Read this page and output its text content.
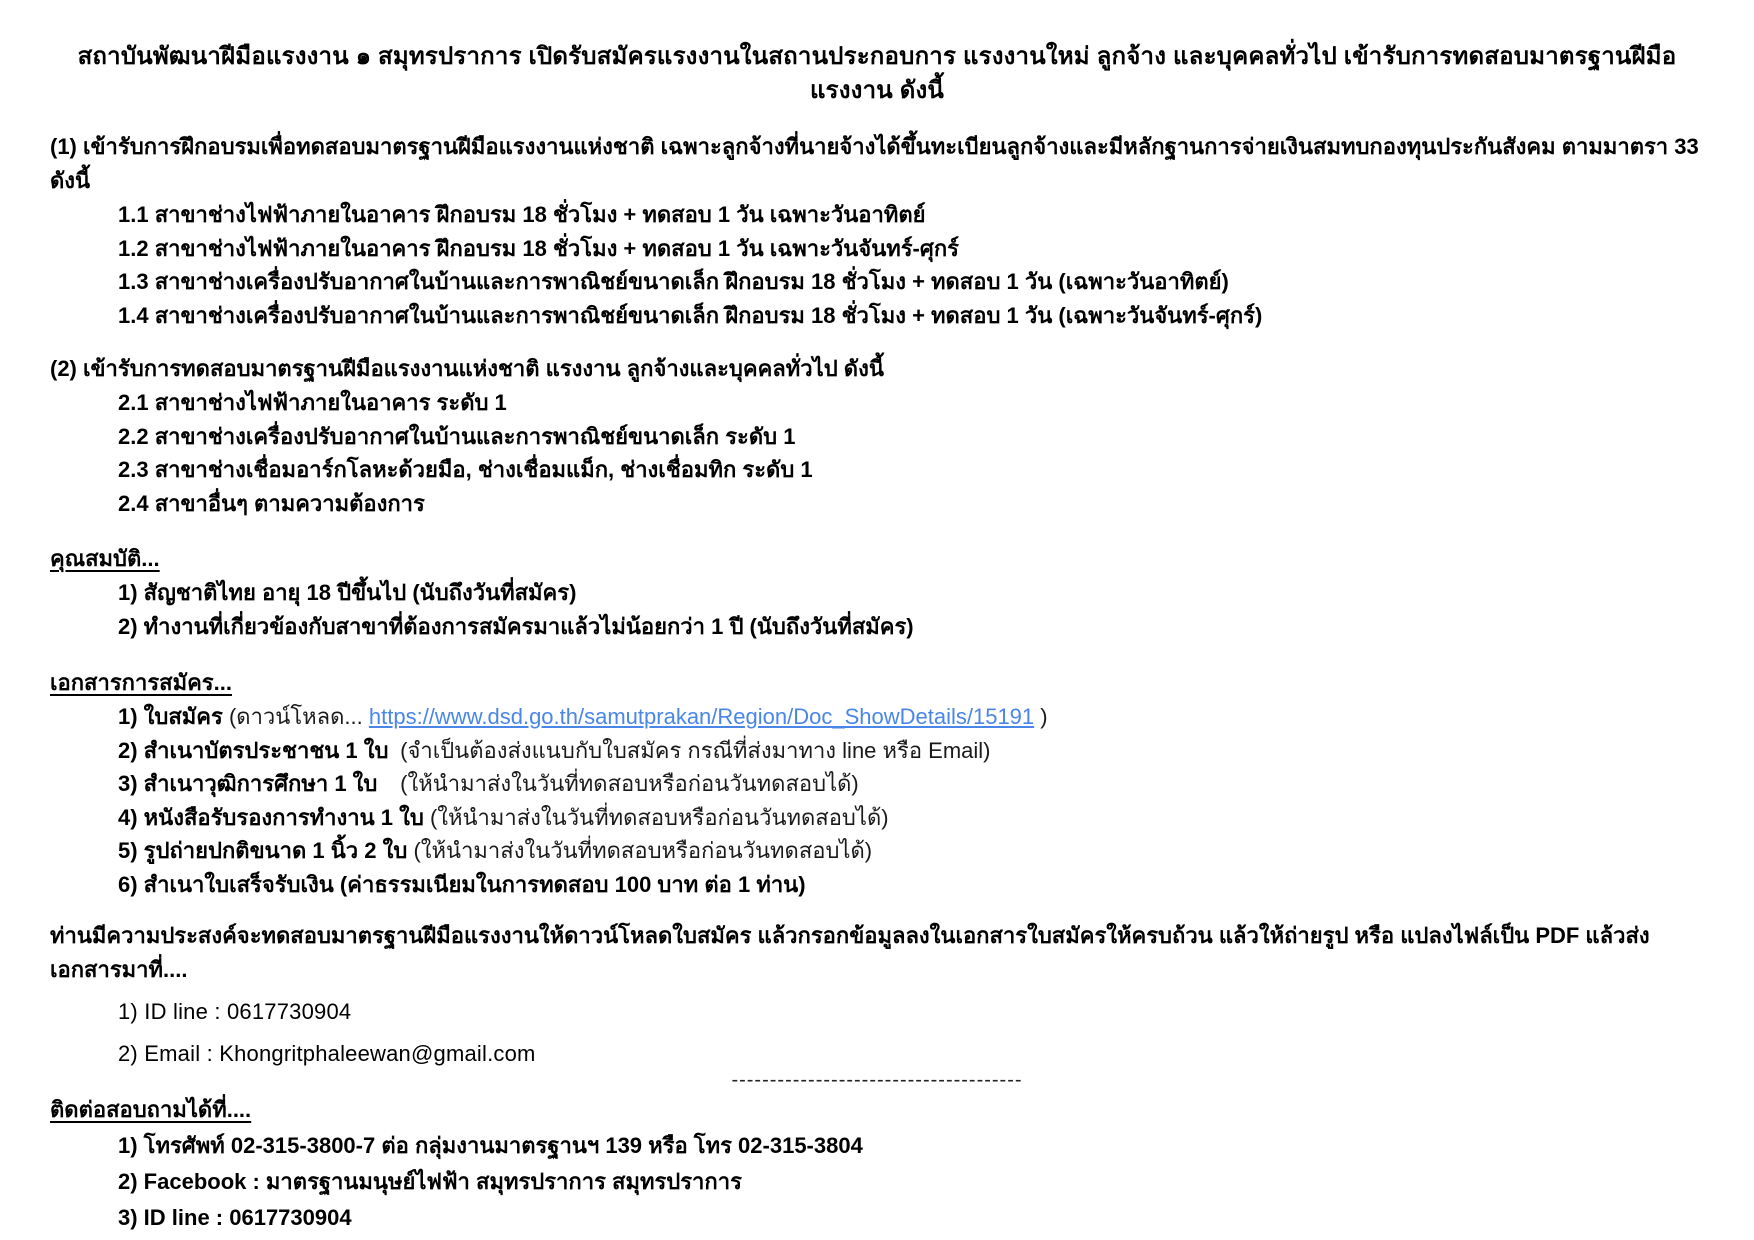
สถาบันพัฒนาฝีมือแรงงาน ๑ สมุทรปราการ เปิดรับสมัครแรงงานในสถานประกอบการ แรงงานใหม่ ลูกจ้าง และบุคคลทั่วไป เข้ารับการทดสอบมาตรฐานฝีมือแรงงาน ดังนี้
(1) เข้ารับการฝึกอบรมเพื่อทดสอบมาตรฐานฝีมือแรงงานแห่งชาติ เฉพาะลูกจ้างที่นายจ้างได้ขึ้นทะเบียนลูกจ้างและมีหลักฐานการจ่ายเงินสมทบกองทุนประกันสังคม ตามมาตรา 33 ดังนี้
1.1 สาขาช่างไฟฟ้าภายในอาคาร ฝึกอบรม 18 ชั่วโมง + ทดสอบ 1 วัน เฉพาะวันอาทิตย์
1.2 สาขาช่างไฟฟ้าภายในอาคาร ฝึกอบรม 18 ชั่วโมง + ทดสอบ 1 วัน เฉพาะวันจันทร์-ศุกร์
1.3 สาขาช่างเครื่องปรับอากาศในบ้านและการพาณิชย์ขนาดเล็ก ฝึกอบรม 18 ชั่วโมง + ทดสอบ 1 วัน (เฉพาะวันอาทิตย์)
1.4 สาขาช่างเครื่องปรับอากาศในบ้านและการพาณิชย์ขนาดเล็ก ฝึกอบรม 18 ชั่วโมง + ทดสอบ 1 วัน (เฉพาะวันจันทร์-ศุกร์)
(2) เข้ารับการทดสอบมาตรฐานฝีมือแรงงานแห่งชาติ แรงงาน ลูกจ้างและบุคคลทั่วไป ดังนี้
2.1 สาขาช่างไฟฟ้าภายในอาคาร ระดับ 1
2.2 สาขาช่างเครื่องปรับอากาศในบ้านและการพาณิชย์ขนาดเล็ก ระดับ 1
2.3 สาขาช่างเชื่อมอาร์กโลหะด้วยมือ, ช่างเชื่อมแม็ก, ช่างเชื่อมทิก ระดับ 1
2.4 สาขาอื่นๆ ตามความต้องการ
คุณสมบัติ...
1) สัญชาติไทย อายุ 18 ปีขึ้นไป (นับถึงวันที่สมัคร)
2) ทำงานที่เกี่ยวข้องกับสาขาที่ต้องการสมัครมาแล้วไม่น้อยกว่า 1 ปี (นับถึงวันที่สมัคร)
เอกสารการสมัคร...
1) ใบสมัคร (ดาวน์โหลด... https://www.dsd.go.th/samutprakan/Region/Doc_ShowDetails/15191 )
2) สำเนาบัตรประชาชน 1 ใบ (จำเป็นต้องส่งแนบกับใบสมัคร กรณีที่ส่งมาทาง line หรือ Email)
3) สำเนาวุฒิการศึกษา 1 ใบ (ให้นำมาส่งในวันที่ทดสอบหรือก่อนวันทดสอบได้)
4) หนังสือรับรองการทำงาน 1 ใบ (ให้นำมาส่งในวันที่ทดสอบหรือก่อนวันทดสอบได้)
5) รูปถ่ายปกติขนาด 1 นิ้ว 2 ใบ (ให้นำมาส่งในวันที่ทดสอบหรือก่อนวันทดสอบได้)
6) สำเนาใบเสร็จรับเงิน (ค่าธรรมเนียมในการทดสอบ 100 บาท ต่อ 1 ท่าน)
ท่านมีความประสงค์จะทดสอบมาตรฐานฝีมือแรงงานให้ดาวน์โหลดใบสมัคร แล้วกรอกข้อมูลลงในเอกสารใบสมัครให้ครบถ้วน แล้วให้ถ่ายรูป หรือ แปลงไฟล์เป็น PDF แล้วส่งเอกสารมาที่....
1) ID line : 0617730904
2) Email : Khongritphaleewan@gmail.com
ติดต่อสอบถามได้ที่....
1) โทรศัพท์ 02-315-3800-7 ต่อ กลุ่มงานมาตรฐานฯ 139 หรือ โทร 02-315-3804
2) Facebook : มาตรฐานมนุษย์ไฟฟ้า สมุทรปราการ สมุทรปราการ
3) ID line : 0617730904
--------------------------------------
